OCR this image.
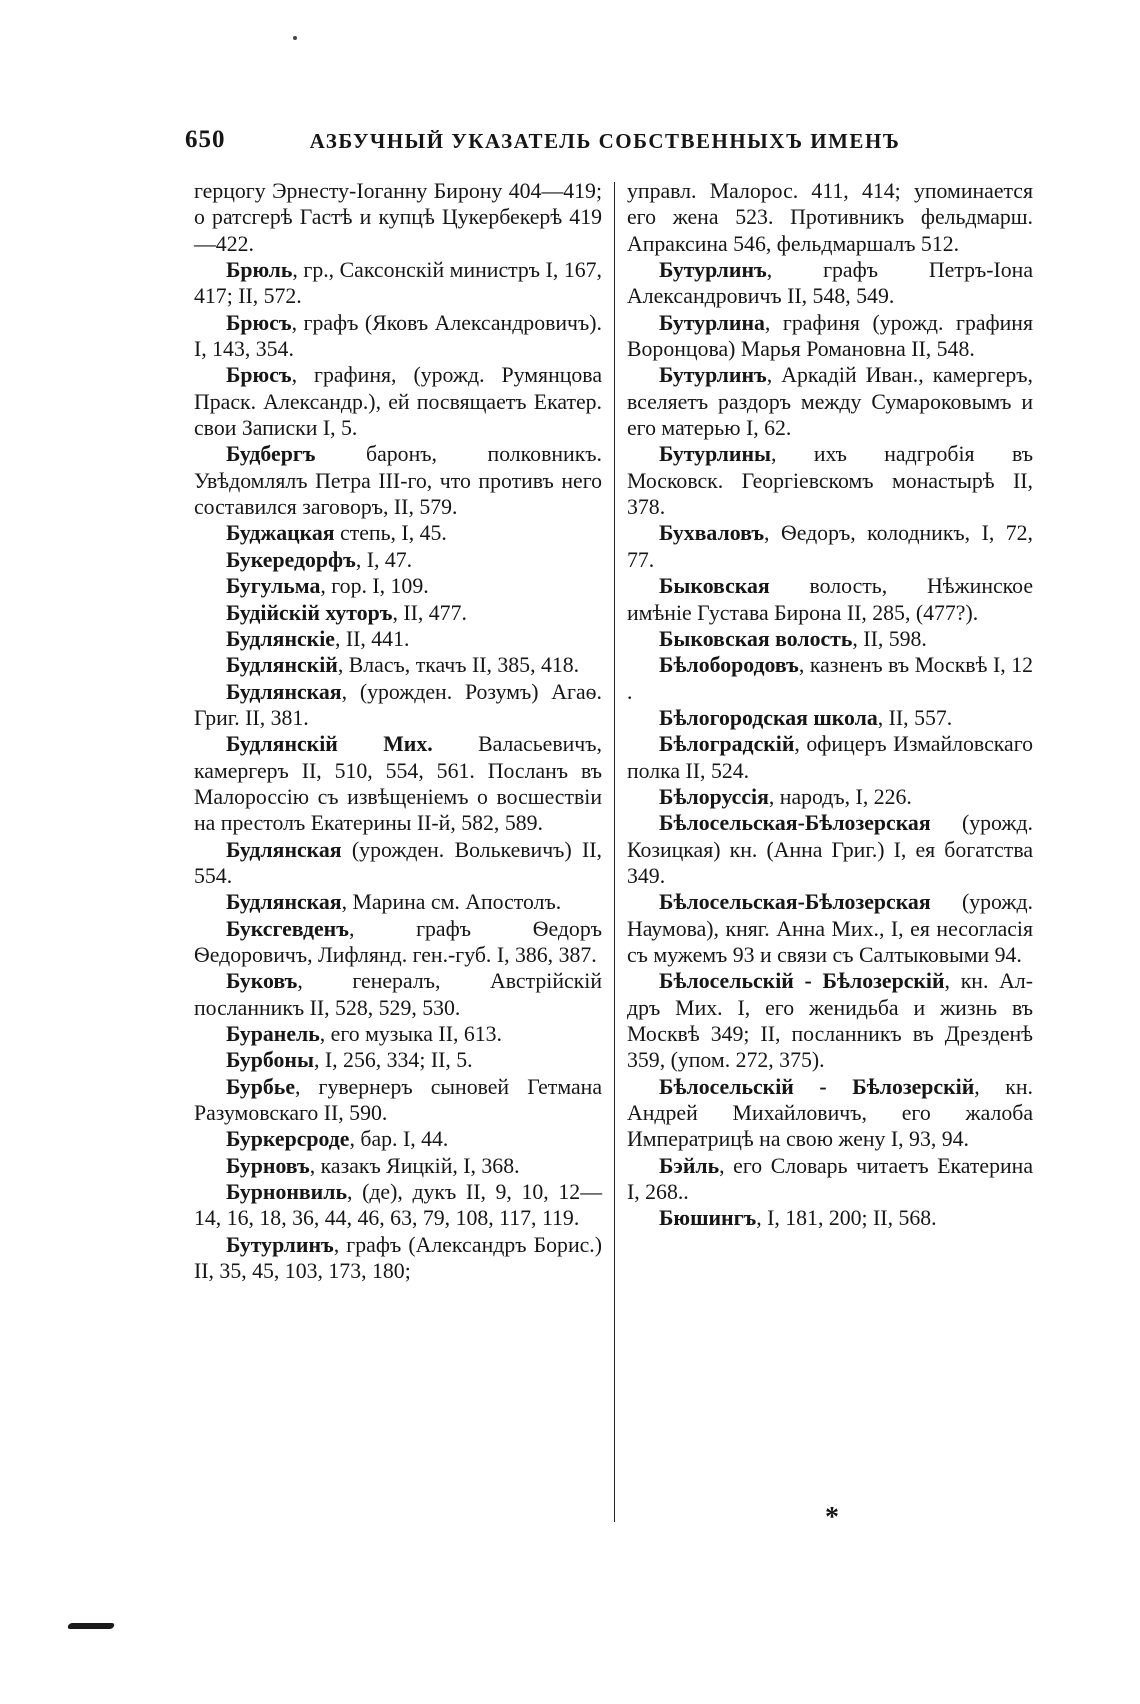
650	АЗБУЧНЫЙ УКАЗАТЕЛЬ СОБСТВЕННЫХЪ ИМЕНЪ

герцогу Эрнесту-Іоганну Бирону 404—419; о ратсгерѣ Гастѣ и купцѣ Цукербекерѣ 419—422.

Брюль, гр., Саксонскій министръ I, 167, 417; II, 572.

Брюсъ, графъ (Яковъ Александровичъ). I, 143, 354.

Брюсъ, графиня, (урожд. Румянцова Праск. Александр.), ей посвящаетъ Екатер. свои Записки I, 5.

Будбергъ баронъ, полковникъ. Увѣдомлялъ Петра III-го, что противъ него составился заговоръ, II, 579.

Буджацкая степь, I, 45.

Букередорфъ, I, 47.

Бугульма, гор. I, 109.

Будійскій хуторъ, II, 477.

Будлянскіе, II, 441.

Будлянскій, Власъ, ткачъ II, 385, 418.

Будлянская, (урожден. Розумъ) Агаѳ. Григ. II, 381.

Будлянскій Мих. Валасьевичъ, камергеръ II, 510, 554, 561. Посланъ въ Малороссію съ извѣщеніемъ о восшествіи на престолъ Екатерины II-й, 582, 589.

Будлянская (урожден. Волькевичъ) II, 554.

Будлянская, Марина см. Апостолъ.

Буксгевденъ, графъ Ѳедоръ Ѳедоровичъ, Лифлянд. ген.-губ. I, 386, 387.

Буковъ, генералъ, Австрійскій посланникъ II, 528, 529, 530.

Буранель, его музыка II, 613.

Бурбоны, I, 256, 334; II, 5.

Бурбье, гувернеръ сыновей Гетмана Разумовскаго II, 590.

Буркерсроде, бар. I, 44.

Бурновъ, казакъ Яицкій, I, 368.

Бурнонвиль, (де), дукъ II, 9, 10, 12—14, 16, 18, 36, 44, 46, 63, 79, 108, 117, 119.

Бутурлинъ, графъ (Александръ Борис.) II, 35, 45, 103, 173, 180;

управл. Малорос. 411, 414; упоминается его жена 523. Противникъ фельдмарш. Апраксина 546, фельдмаршалъ 512.

Бутурлинъ, графъ Петръ-Іона Александровичъ II, 548, 549.

Бутурлина, графиня (урожд. графиня Воронцова) Марья Романовна II, 548.

Бутурлинъ, Аркадій Иван., камергеръ, вселяетъ раздоръ между Сумароковымъ и его матерью I, 62.

Бутурлины, ихъ надгробія въ Московск. Георгіевскомъ монастырѣ II, 378.

Бухваловъ, Ѳедоръ, колодникъ, I, 72, 77.

Быковская волость, Нѣжинское имѣніе Густава Бирона II, 285, (477?).

Быковская волость, II, 598.

Бѣлобородовъ, казненъ въ Москвѣ I, 12 .

Бѣлогородская школа, II, 557.

Бѣлоградскій, офицеръ Измайловскаго полка II, 524.

Бѣлоруссія, народъ, I, 226.

Бѣлосельская-Бѣлозерская (урожд. Козицкая) кн. (Анна Григ.) I, ея богатства 349.

Бѣлосельская-Бѣлозерская (урожд. Наумова), княг. Анна Мих., I, ея несогласія съ мужемъ 93 и связи съ Салтыковыми 94.

Бѣлосельскій - Бѣлозерскій, кн. Ал-дръ Мих. I, его женидьба и жизнь въ Москвѣ 349; II, посланникъ въ Дрезденѣ 359, (упом. 272, 375).

Бѣлосельскій - Бѣлозерскій, кн. Андрей Михайловичъ, его жалоба Императрицѣ на свою жену I, 93, 94.

Бэйль, его Словарь читаетъ Екатерина I, 268..

Бюшингъ, I, 181, 200; II, 568.

*
